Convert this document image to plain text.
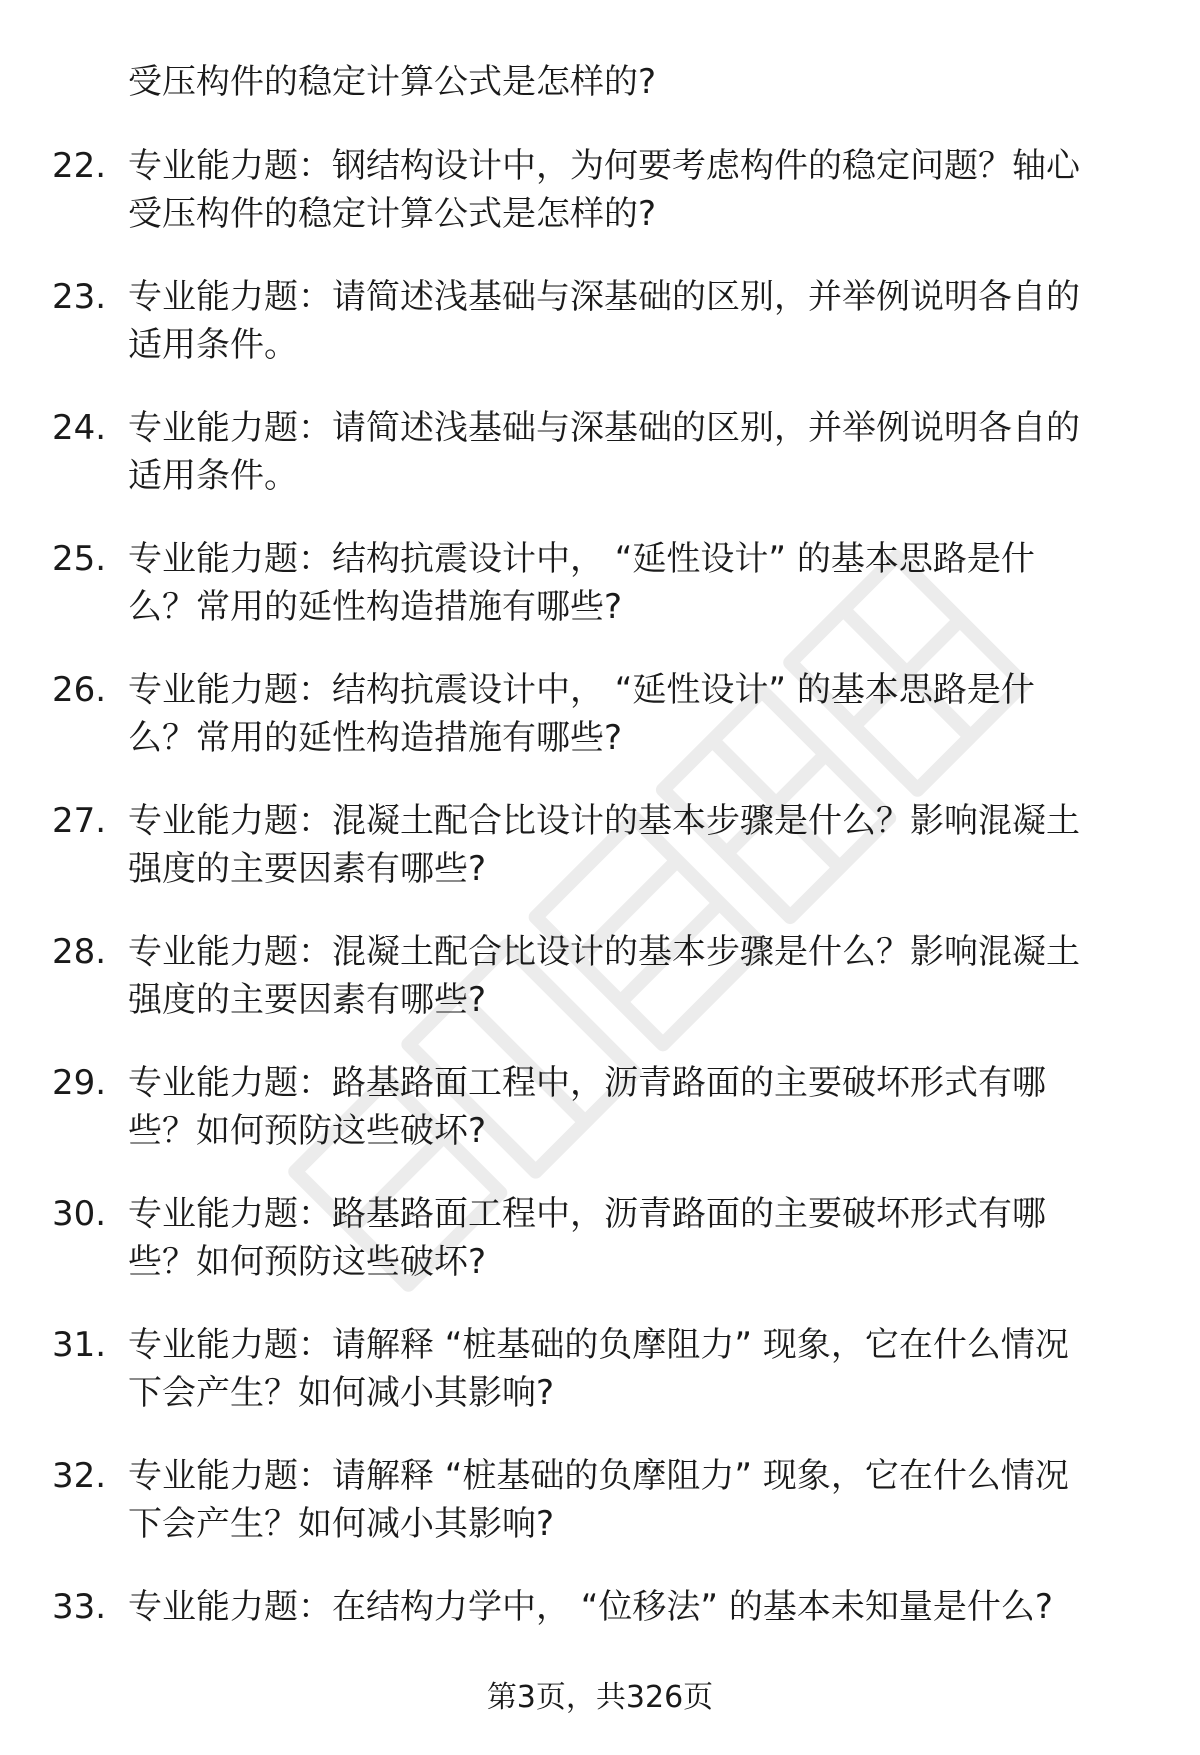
受压构件的稳定计算公式是怎样的?
22. 专业能力题：钢结构设计中，为何要考虑构件的稳定问题？轴心
受压构件的稳定计算公式是怎样的?
23. 专业能力题：请简述浅基础与深基础的区别，并举例说明各自的
适用条件。
24. 专业能力题：请简述浅基础与深基础的区别，并举例说明各自的
适用条件。
25. 专业能力题：结构抗震设计中， “延性设计” 的基本思路是什
么？常用的延性构造措施有哪些?
26. 专业能力题：结构抗震设计中， “延性设计” 的基本思路是什
么？常用的延性构造措施有哪些?
27. 专业能力题：混凝土配合比设计的基本步骤是什么？影响混凝土
强度的主要因素有哪些?
28. 专业能力题：混凝土配合比设计的基本步骤是什么？影响混凝土
强度的主要因素有哪些?
29. 专业能力题：路基路面工程中，沥青路面的主要破坏形式有哪
些？如何预防这些破坏?
30. 专业能力题：路基路面工程中，沥青路面的主要破坏形式有哪
些？如何预防这些破坏?
31. 专业能力题：请解释 “桩基础的负摩阻力” 现象，它在什么情况
下会产生？如何减小其影响?
32. 专业能力题：请解释 “桩基础的负摩阻力” 现象，它在什么情况
下会产生？如何减小其影响?
33. 专业能力题：在结构力学中， “位移法” 的基本未知量是什么?
第3页，共326页
